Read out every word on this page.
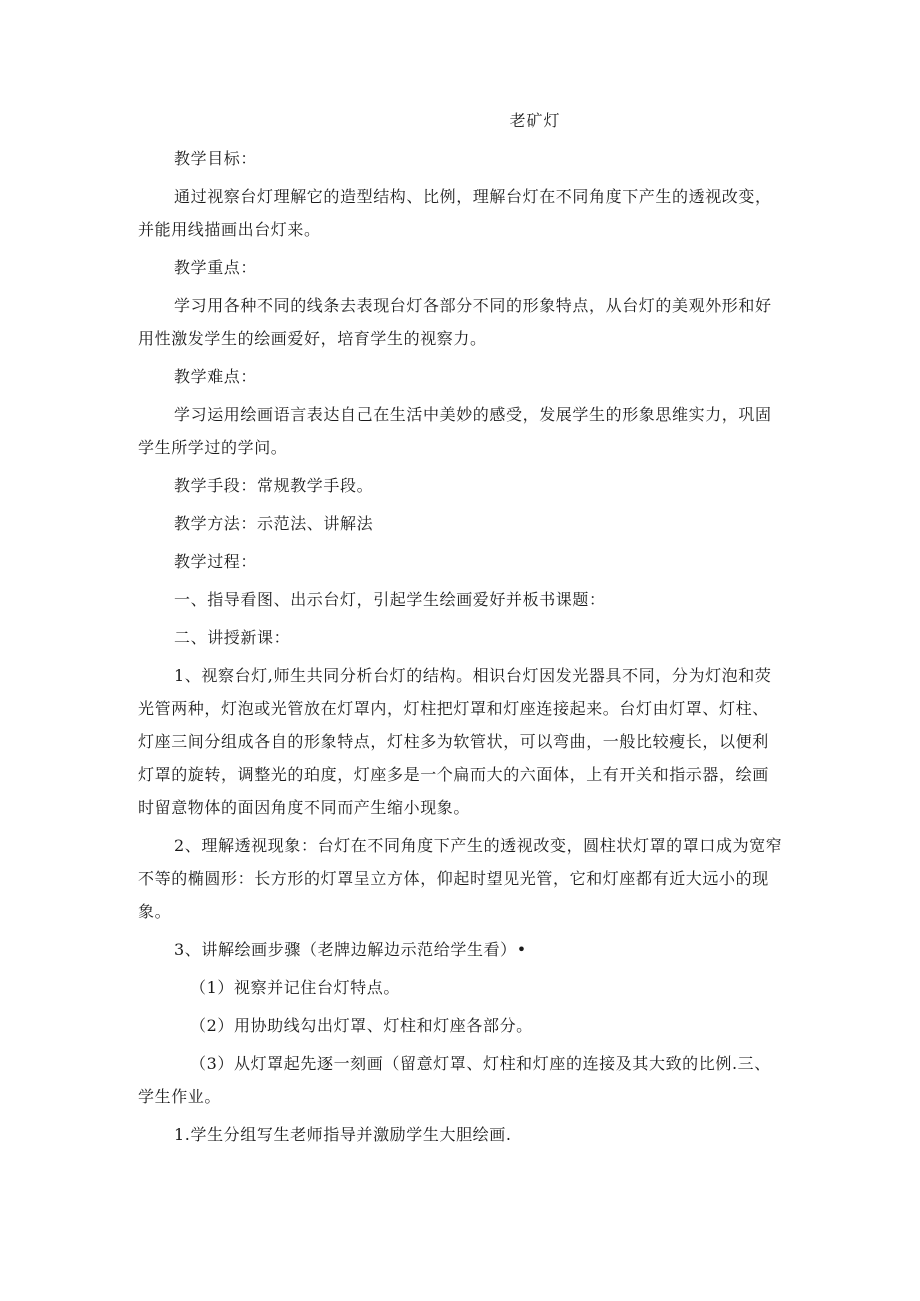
老矿灯

教学目标：

通过视察台灯理解它的造型结构、比例，理解台灯在不同角度下产生的透视改变，并能用线描画出台灯来。

教学重点：

学习用各种不同的线条去表现台灯各部分不同的形象特点，从台灯的美观外形和好用性激发学生的绘画爱好，培育学生的视察力。

教学难点：

学习运用绘画语言表达自己在生活中美妙的感受，发展学生的形象思维实力，巩固学生所学过的学问。

教学手段：常规教学手段。

教学方法：示范法、讲解法

教学过程：

一、指导看图、出示台灯，引起学生绘画爱好并板书课题：

二、讲授新课：

1、视察台灯,师生共同分析台灯的结构。相识台灯因发光器具不同，分为灯泡和荧光管两种，灯泡或光管放在灯罩内，灯柱把灯罩和灯座连接起来。台灯由灯罩、灯柱、灯座三间分组成各自的形象特点，灯柱多为软管状，可以弯曲，一般比较瘦长，以便利灯罩的旋转，调整光的珀度，灯座多是一个扁而大的六面体，上有开关和指示器，绘画时留意物体的面因角度不同而产生缩小现象。

2、理解透视现象：台灯在不同角度下产生的透视改变，圆柱状灯罩的罩口成为宽窄不等的椭圆形：长方形的灯罩呈立方体，仰起时望见光管，它和灯座都有近大远小的现象。

3、讲解绘画步骤（老牌边解边示范给学生看）•

（1）视察并记住台灯特点。

（2）用协助线勾出灯罩、灯柱和灯座各部分。

（3）从灯罩起先逐一刻画（留意灯罩、灯柱和灯座的连接及其大致的比例.三、学生作业。

1.学生分组写生老师指导并激励学生大胆绘画.
